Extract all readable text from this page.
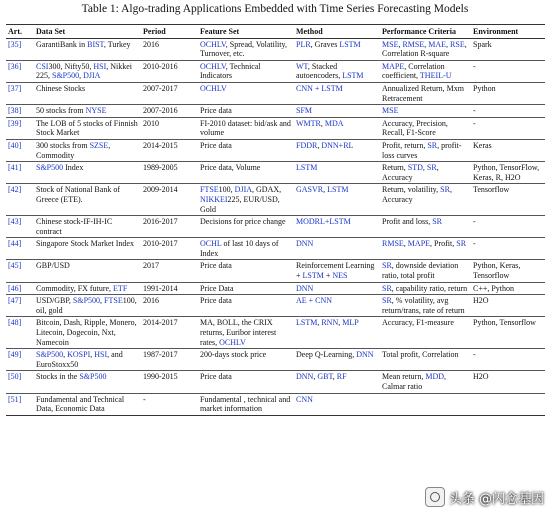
Table 1: Algo-trading Applications Embedded with Time Series Forecasting Models
Art.	Data Set	Period	Feature Set	Method	Performance Criteria	Environment
[35]	GarantiBank in BIST, Turkey	2016	OCHLV, Spread, Volatility, Turnover, etc.	PLR, Graves LSTM	MSE, RMSE, MAE, RSE, Correlation R-square	Spark
[36]	CSI300, Nifty50, HSI, Nikkei 225, S&P500, DJIA	2010-2016	OCHLV, Technical Indicators	WT, Stacked autoencoders, LSTM	MAPE, Correlation coefficient, THEIL-U	-
[37]	Chinese Stocks	2007-2017	OCHLV	CNN + LSTM	Annualized Return, Mxm Retracement	Python
[38]	50 stocks from NYSE	2007-2016	Price data	SFM	MSE	-
[39]	The LOB of 5 stocks of Finnish Stock Market	2010	FI-2010 dataset: bid/ask and volume	WMTR, MDA	Accuracy, Precision, Recall, F1-Score	-
[40]	300 stocks from SZSE, Commodity	2014-2015	Price data	FDDR, DNN+RL	Profit, return, SR, profit-loss curves	Keras
[41]	S&P500 Index	1989-2005	Price data, Volume	LSTM	Return, STD, SR, Accuracy	Python, TensorFlow, Keras, R, H2O
[42]	Stock of National Bank of Greece (ETE).	2009-2014	FTSE100, DJIA, GDAX, NIKKEI225, EUR/USD, Gold	GASVR, LSTM	Return, volatility, SR, Accuracy	Tensorflow
[43]	Chinese stock-IF-IH-IC contract	2016-2017	Decisions for price change	MODRL+LSTM	Profit and loss, SR	-
[44]	Singapore Stock Market Index	2010-2017	OCHL of last 10 days of Index	DNN	RMSE, MAPE, Profit, SR	-
[45]	GBP/USD	2017	Price data	Reinforcement Learning + LSTM + NES	SR, downside deviation ratio, total profit	Python, Keras, Tensorflow
[46]	Commodity, FX future, ETF	1991-2014	Price Data	DNN	SR, capability ratio, return	C++, Python
[47]	USD/GBP, S&P500, FTSE100, oil, gold	2016	Price data	AE + CNN	SR, % volatility, avg return/trans, rate of return	H2O
[48]	Bitcoin, Dash, Ripple, Monero, Litecoin, Dogecoin, Nxt, Namecoin	2014-2017	MA, BOLL, the CRIX returns, Euribor interest rates, OCHLV	LSTM, RNN, MLP	Accuracy, F1-measure	Python, Tensorflow
[49]	S&P500, KOSPI, HSI, and EuroStoxx50	1987-2017	200-days stock price	Deep Q-Learning, DNN	Total profit, Correlation	-
[50]	Stocks in the S&P500	1990-2015	Price data	DNN, GBT, RF	Mean return, MDD, Calmar ratio	H2O
[51]	Fundamental and Technical Data, Economic Data	-	Fundamental , technical and market information	CNN		
头条 @闪念基因
